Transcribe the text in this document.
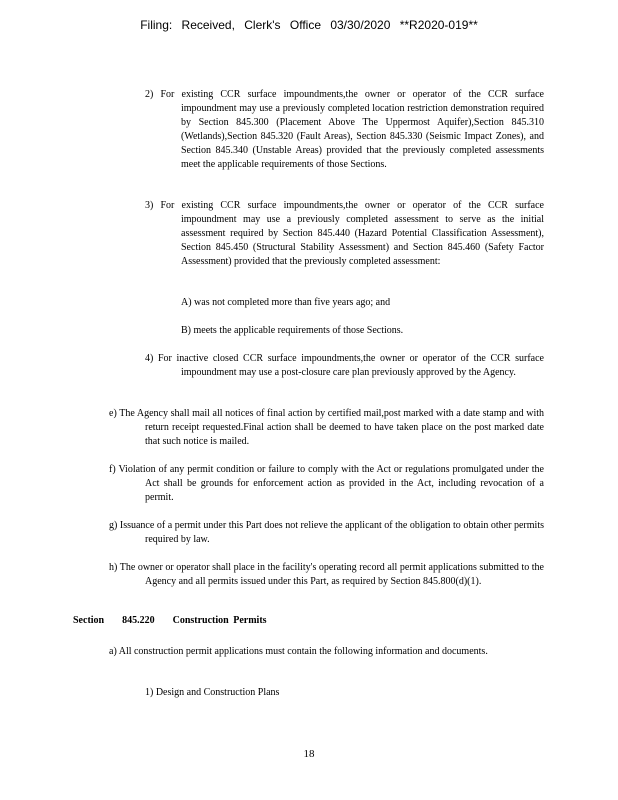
Filing: Received, Clerk's Office 03/30/2020 **R2020-019**

2) For existing CCR surface impoundments,the owner or operator of the CCR surface impoundment may use a previously completed location restriction demonstration required by Section 845.300 (Placement Above The Uppermost Aquifer),Section 845.310 (Wetlands),Section 845.320 (Fault Areas), Section 845.330 (Seismic Impact Zones), and Section 845.340 (Unstable Areas) provided that the previously completed assessments meet the applicable requirements of those Sections.

3) For existing CCR surface impoundments,the owner or operator of the CCR surface impoundment may use a previously completed assessment to serve as the initial assessment required by Section 845.440 (Hazard Potential Classification Assessment), Section 845.450 (Structural Stability Assessment) and Section 845.460 (Safety Factor Assessment) provided that the previously completed assessment:

A) was not completed more than five years ago; and

B) meets the applicable requirements of those Sections.

4) For inactive closed CCR surface impoundments,the owner or operator of the CCR surface impoundment may use a post-closure care plan previously approved by the Agency.

e) The Agency shall mail all notices of final action by certified mail,post marked with a date stamp and with return receipt requested.Final action shall be deemed to have taken place on the post marked date that such notice is mailed.

f) Violation of any permit condition or failure to comply with the Act or regulations promulgated under the Act shall be grounds for enforcement action as provided in the Act, including revocation of a permit.

g) Issuance of a permit under this Part does not relieve the applicant of the obligation to obtain other permits required by law.

h) The owner or operator shall place in the facility's operating record all permit applications submitted to the Agency and all permits issued under this Part, as required by Section 845.800(d)(1).

Section 845.220 Construction Permits

a) All construction permit applications must contain the following information and documents.

1) Design and Construction Plans

18
